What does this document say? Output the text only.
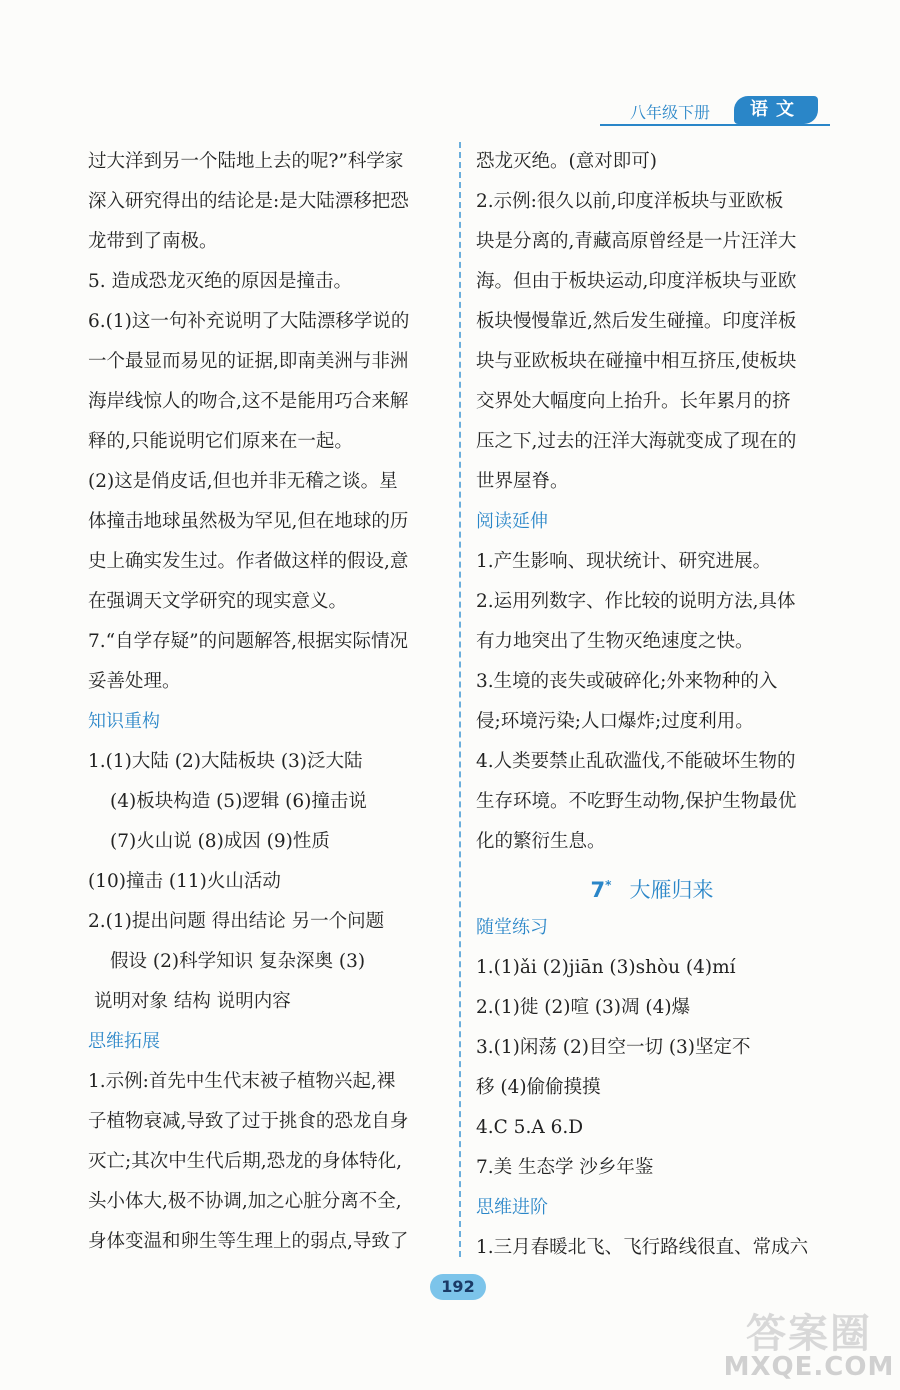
八年级下册	语文
过大洋到另一个陆地上去的呢?”科学家
深入研究得出的结论是:是大陆漂移把恐
龙带到了南极。
5. 造成恐龙灭绝的原因是撞击。
6.(1)这一句补充说明了大陆漂移学说的
一个最显而易见的证据,即南美洲与非洲
海岸线惊人的吻合,这不是能用巧合来解
释的,只能说明它们原来在一起。
(2)这是俏皮话,但也并非无稽之谈。星
体撞击地球虽然极为罕见,但在地球的历
史上确实发生过。作者做这样的假设,意
在强调天文学研究的现实意义。
7.“自学存疑”的问题解答,根据实际情况
妥善处理。
知识重构
1.(1)大陆 (2)大陆板块 (3)泛大陆
(4)板块构造 (5)逻辑 (6)撞击说
(7)火山说 (8)成因 (9)性质
(10)撞击 (11)火山活动
2.(1)提出问题 得出结论 另一个问题
假设 (2)科学知识 复杂深奥 (3)
说明对象 结构 说明内容
思维拓展
1.示例:首先中生代末被子植物兴起,裸
子植物衰减,导致了过于挑食的恐龙自身
灭亡;其次中生代后期,恐龙的身体特化,
头小体大,极不协调,加之心脏分离不全,
身体变温和卵生等生理上的弱点,导致了
恐龙灭绝。(意对即可)
2.示例:很久以前,印度洋板块与亚欧板
块是分离的,青藏高原曾经是一片汪洋大
海。但由于板块运动,印度洋板块与亚欧
板块慢慢靠近,然后发生碰撞。印度洋板
块与亚欧板块在碰撞中相互挤压,使板块
交界处大幅度向上抬升。长年累月的挤
压之下,过去的汪洋大海就变成了现在的
世界屋脊。
阅读延伸
1.产生影响、现状统计、研究进展。
2.运用列数字、作比较的说明方法,具体
有力地突出了生物灭绝速度之快。
3.生境的丧失或破碎化;外来物种的入
侵;环境污染;人口爆炸;过度利用。
4.人类要禁止乱砍滥伐,不能破坏生物的
生存环境。不吃野生动物,保护生物最优
化的繁衍生息。
7* 大雁归来
随堂练习
1.(1)ǎi (2)jiān (3)shòu (4)mí
2.(1)徙 (2)喧 (3)凋 (4)爆
3.(1)闲荡 (2)目空一切 (3)坚定不
移 (4)偷偷摸摸
4.C 5.A 6.D
7.美 生态学 沙乡年鉴
思维进阶
1.三月春暖北飞、飞行路线很直、常成六
192
答案圈
MXQE.COM
